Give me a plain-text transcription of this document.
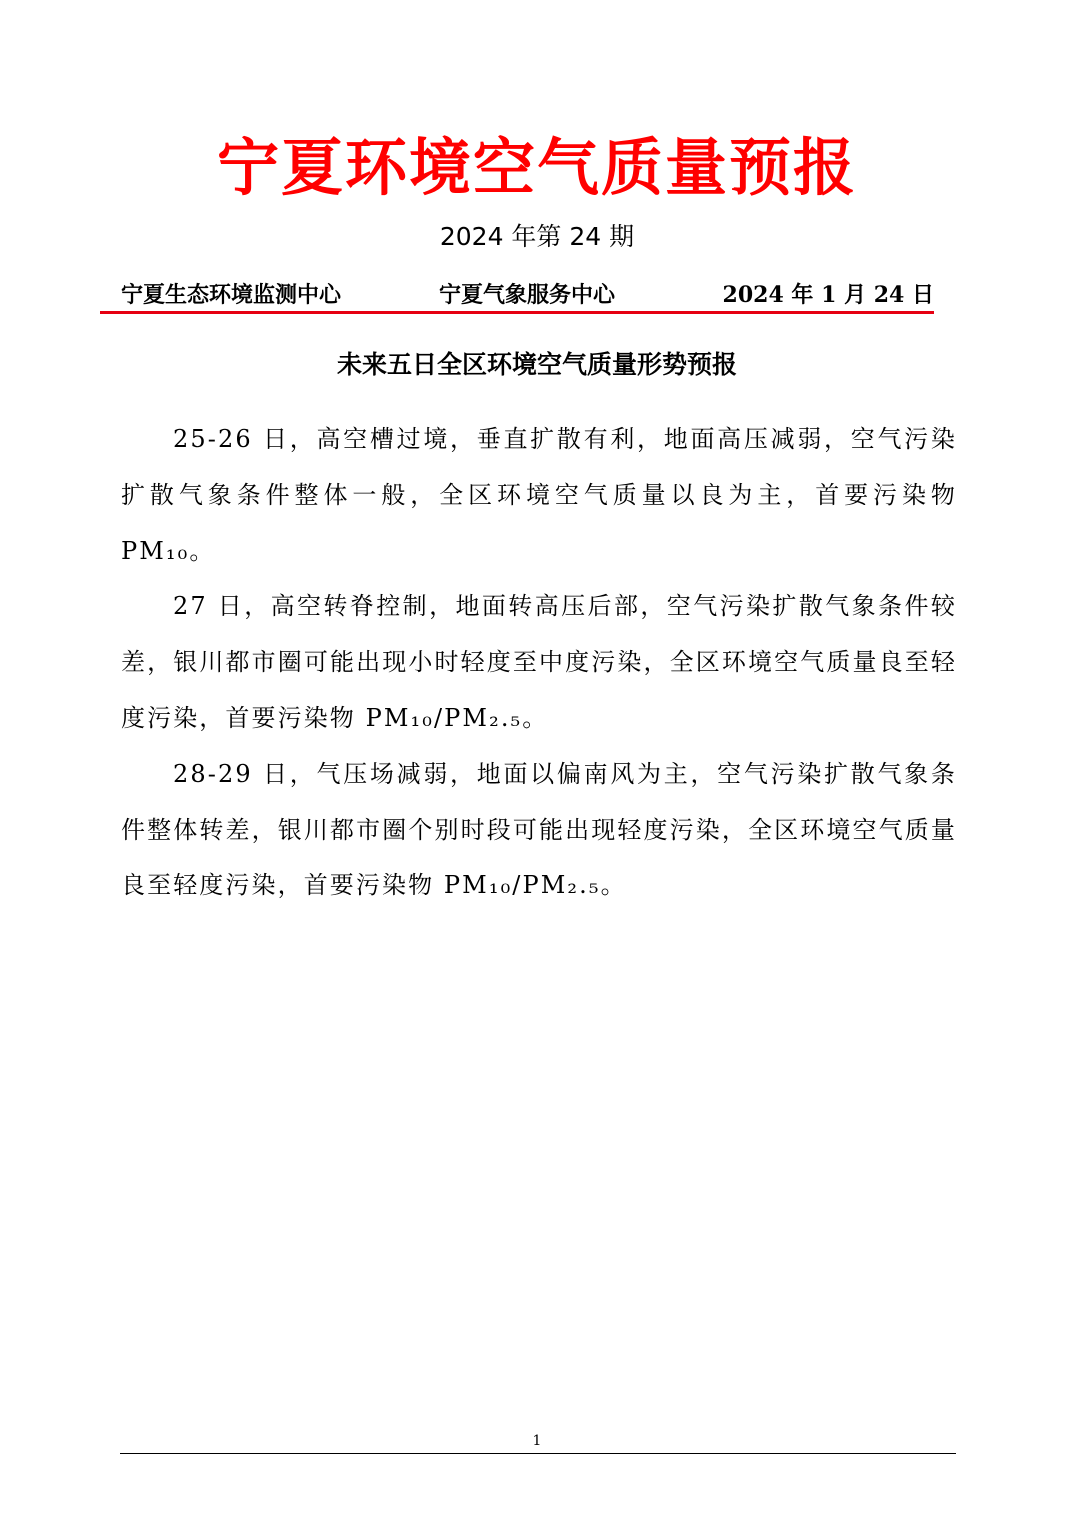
宁夏环境空气质量预报
2024 年第 24 期
宁夏生态环境监测中心	宁夏气象服务中心	2024 年 1 月 24 日
未来五日全区环境空气质量形势预报

25-26 日，高空槽过境，垂直扩散有利，地面高压减弱，空气污染扩散气象条件整体一般，全区环境空气质量以良为主，首要污染物 PM₁₀。

27 日，高空转脊控制，地面转高压后部，空气污染扩散气象条件较差，银川都市圈可能出现小时轻度至中度污染，全区环境空气质量良至轻度污染，首要污染物 PM₁₀/PM₂.₅。

28-29 日，气压场减弱，地面以偏南风为主，空气污染扩散气象条件整体转差，银川都市圈个别时段可能出现轻度污染，全区环境空气质量良至轻度污染，首要污染物 PM₁₀/PM₂.₅。

1
